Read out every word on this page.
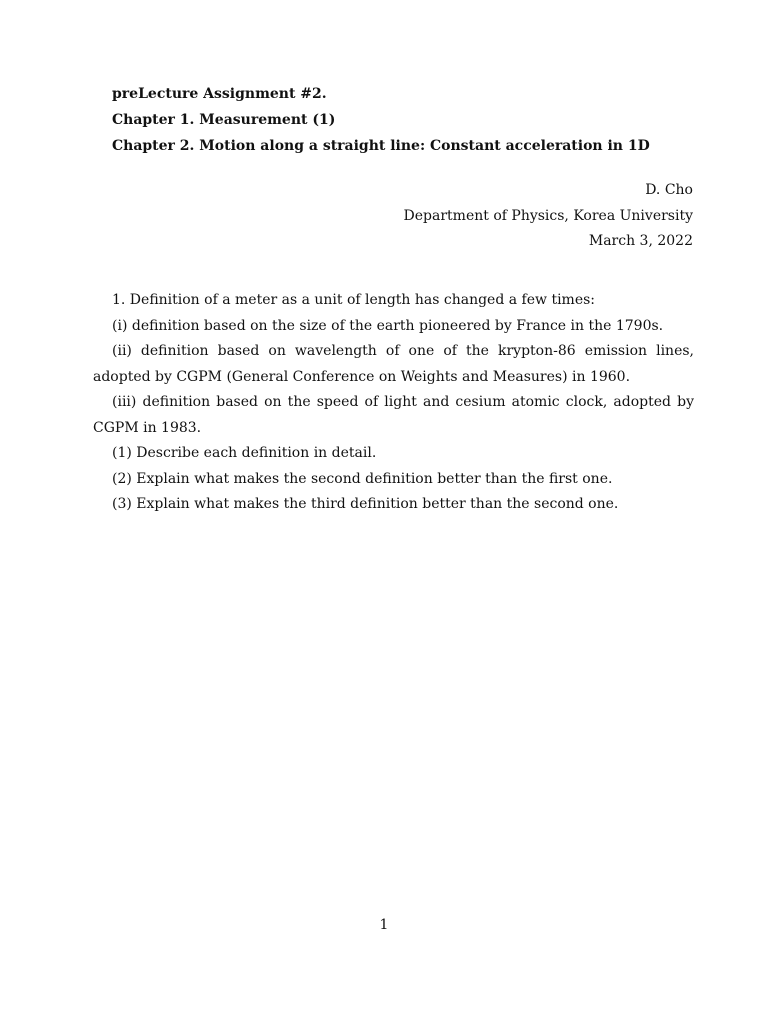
preLecture Assignment #2.
Chapter 1. Measurement (1)
Chapter 2. Motion along a straight line: Constant acceleration in 1D
D. Cho
Department of Physics, Korea University
March 3, 2022

1. Definition of a meter as a unit of length has changed a few times:

(i) definition based on the size of the earth pioneered by France in the 1790s.

(ii) definition based on wavelength of one of the krypton-86 emission lines, adopted by CGPM (General Conference on Weights and Measures) in 1960.

(iii) definition based on the speed of light and cesium atomic clock, adopted by CGPM in 1983.

(1) Describe each definition in detail.

(2) Explain what makes the second definition better than the first one.

(3) Explain what makes the third definition better than the second one.

1
